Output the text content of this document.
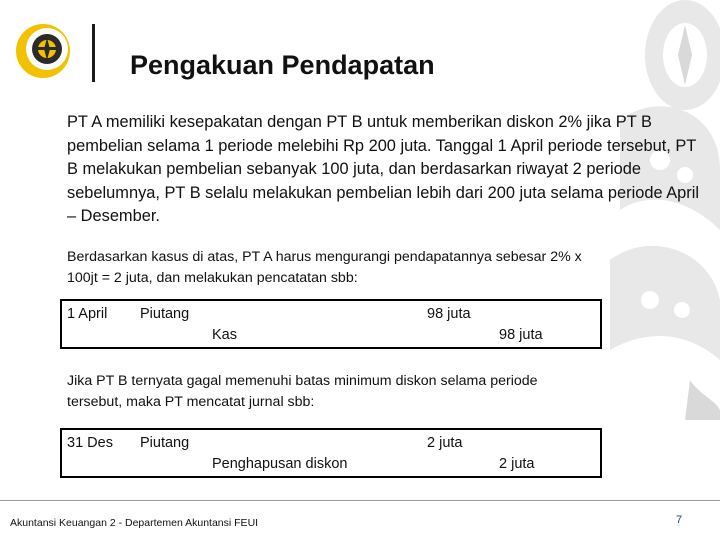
Pengakuan Pendapatan
PT A memiliki kesepakatan dengan PT B untuk memberikan diskon 2% jika PT B pembelian selama 1 periode melebihi Rp 200 juta. Tanggal 1 April periode tersebut, PT B melakukan pembelian sebanyak 100 juta, dan berdasarkan riwayat 2 periode sebelumnya, PT B selalu melakukan pembelian lebih dari 200 juta selama periode April – Desember.
Berdasarkan kasus di atas, PT A harus mengurangi pendapatannya sebesar 2% x 100jt = 2 juta, dan melakukan pencatatan sbb:
1 April Piutang
Kas
98 juta
98 juta
Jika PT B ternyata gagal memenuhi batas minimum diskon selama periode tersebut, maka PT mencatat jurnal sbb:
31 Des Piutang
Penghapusan diskon
2 juta
2 juta
Akuntansi Keuangan 2 - Departemen Akuntansi FEUI	7
